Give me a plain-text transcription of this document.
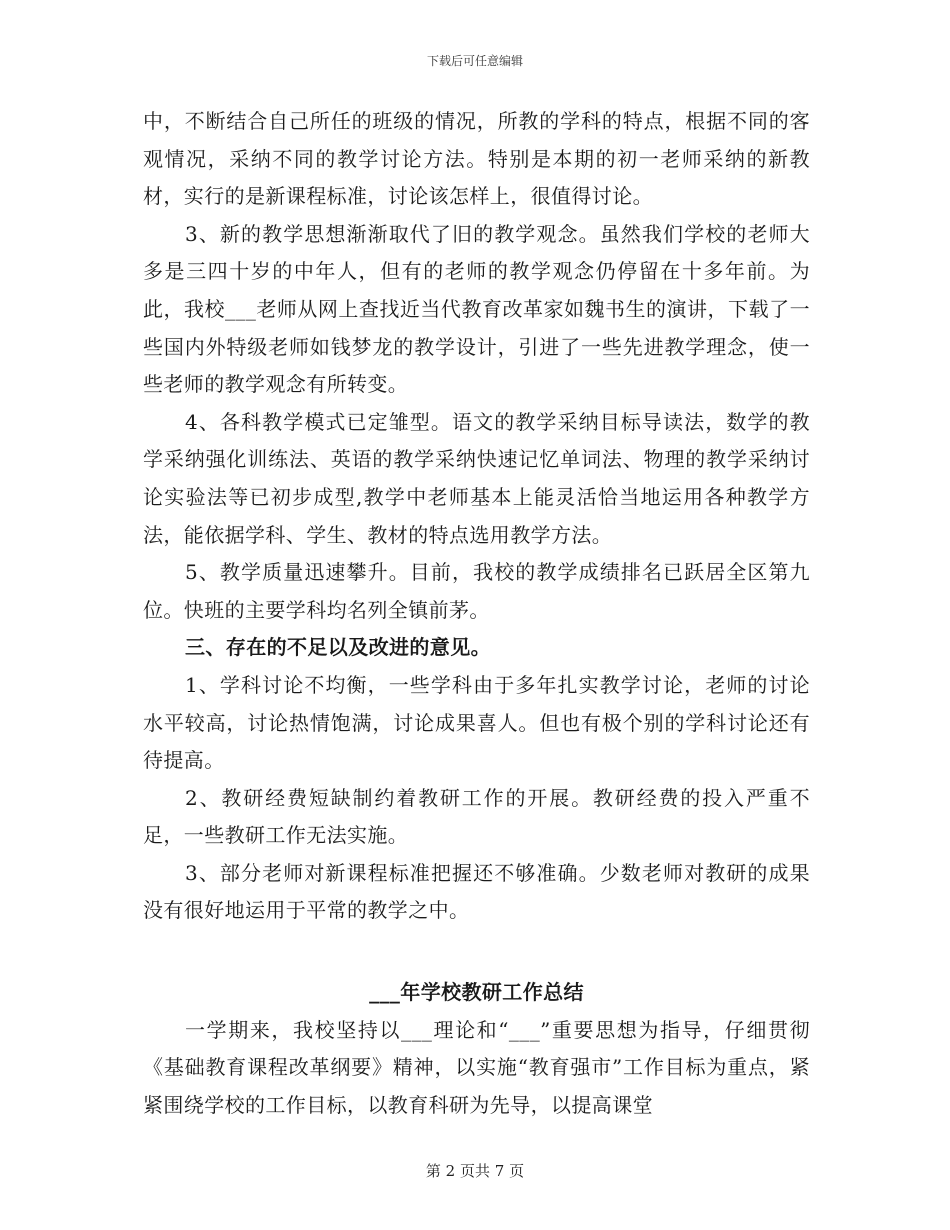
下载后可任意编辑

中，不断结合自己所任的班级的情况，所教的学科的特点，根据不同的客观情况，采纳不同的教学讨论方法。特别是本期的初一老师采纳的新教材，实行的是新课程标准，讨论该怎样上，很值得讨论。

3、新的教学思想渐渐取代了旧的教学观念。虽然我们学校的老师大多是三四十岁的中年人，但有的老师的教学观念仍停留在十多年前。为此，我校___老师从网上查找近当代教育改革家如魏书生的演讲，下载了一些国内外特级老师如钱梦龙的教学设计，引进了一些先进教学理念，使一些老师的教学观念有所转变。

4、各科教学模式已定雏型。语文的教学采纳目标导读法，数学的教学采纳强化训练法、英语的教学采纳快速记忆单词法、物理的教学采纳讨论实验法等已初步成型,教学中老师基本上能灵活恰当地运用各种教学方法，能依据学科、学生、教材的特点选用教学方法。

5、教学质量迅速攀升。目前，我校的教学成绩排名已跃居全区第九位。快班的主要学科均名列全镇前茅。

三、存在的不足以及改进的意见。

1、学科讨论不均衡，一些学科由于多年扎实教学讨论，老师的讨论水平较高，讨论热情饱满，讨论成果喜人。但也有极个别的学科讨论还有待提高。

2、教研经费短缺制约着教研工作的开展。教研经费的投入严重不足，一些教研工作无法实施。

3、部分老师对新课程标准把握还不够准确。少数老师对教研的成果没有很好地运用于平常的教学之中。

___年学校教研工作总结

一学期来，我校坚持以___理论和“___”重要思想为指导，仔细贯彻《基础教育课程改革纲要》精神，以实施“教育强市”工作目标为重点，紧紧围绕学校的工作目标，以教育科研为先导，以提高课堂

第 2 页共 7 页
